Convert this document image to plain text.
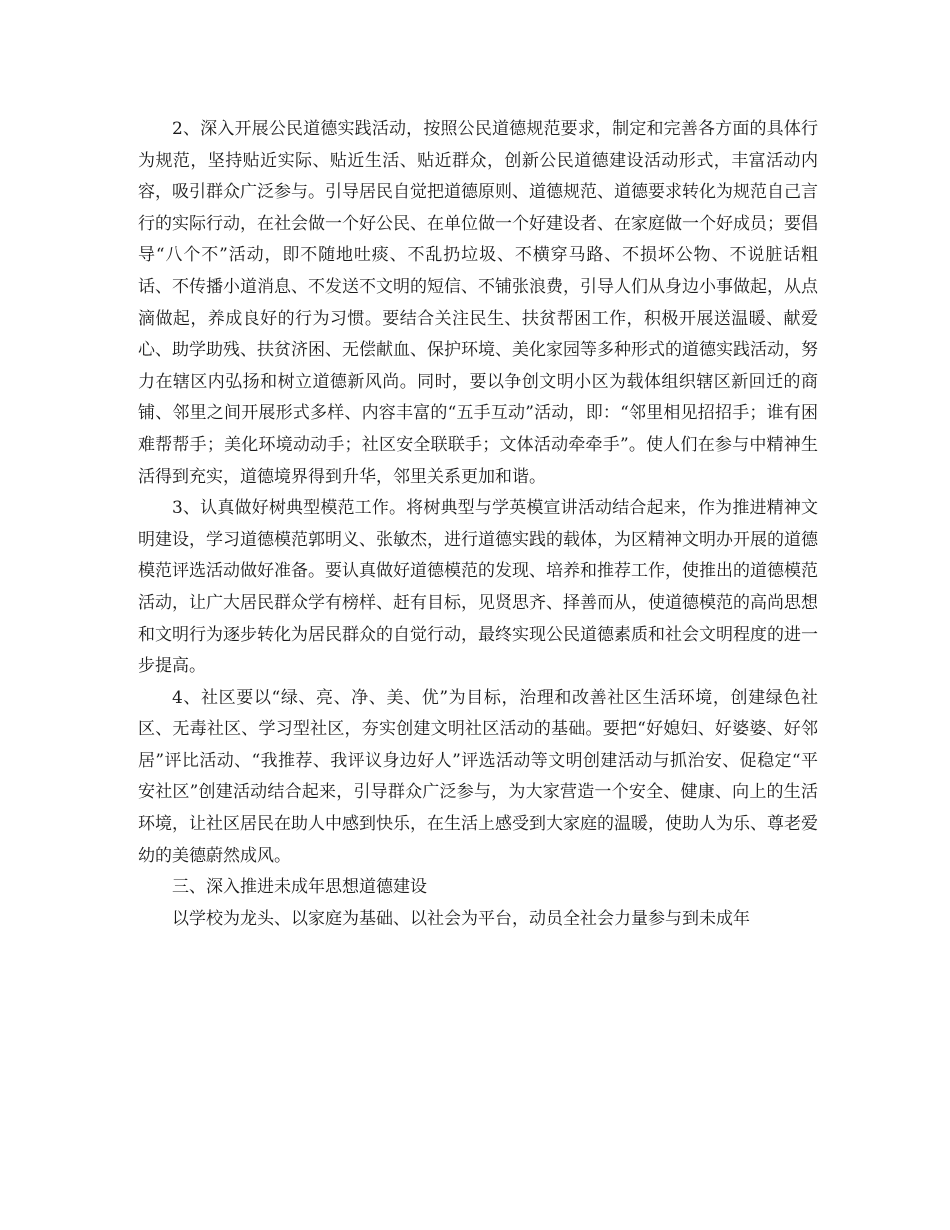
2、深入开展公民道德实践活动，按照公民道德规范要求，制定和完善各方面的具体行为规范，坚持贴近实际、贴近生活、贴近群众，创新公民道德建设活动形式，丰富活动内容，吸引群众广泛参与。引导居民自觉把道德原则、道德规范、道德要求转化为规范自己言行的实际行动，在社会做一个好公民、在单位做一个好建设者、在家庭做一个好成员；要倡导“八个不”活动，即不随地吐痰、不乱扔垃圾、不横穿马路、不损坏公物、不说脏话粗话、不传播小道消息、不发送不文明的短信、不铺张浪费，引导人们从身边小事做起，从点滴做起，养成良好的行为习惯。要结合关注民生、扶贫帮困工作，积极开展送温暖、献爱心、助学助残、扶贫济困、无偿献血、保护环境、美化家园等多种形式的道德实践活动，努力在辖区内弘扬和树立道德新风尚。同时，要以争创文明小区为载体组织辖区新回迁的商铺、邻里之间开展形式多样、内容丰富的“五手互动”活动，即：“邻里相见招招手；谁有困难帮帮手；美化环境动动手；社区安全联联手；文体活动牵牵手”。使人们在参与中精神生活得到充实，道德境界得到升华，邻里关系更加和谐。

3、认真做好树典型模范工作。将树典型与学英模宣讲活动结合起来，作为推进精神文明建设，学习道德模范郭明义、张敏杰，进行道德实践的载体，为区精神文明办开展的道德模范评选活动做好准备。要认真做好道德模范的发现、培养和推荐工作，使推出的道德模范活动，让广大居民群众学有榜样、赶有目标，见贤思齐、择善而从，使道德模范的高尚思想和文明行为逐步转化为居民群众的自觉行动，最终实现公民道德素质和社会文明程度的进一步提高。

4、社区要以“绿、亮、净、美、优”为目标，治理和改善社区生活环境，创建绿色社区、无毒社区、学习型社区，夯实创建文明社区活动的基础。要把“好媳妇、好婆婆、好邻居”评比活动、“我推荐、我评议身边好人”评选活动等文明创建活动与抓治安、促稳定“平安社区”创建活动结合起来，引导群众广泛参与，为大家营造一个安全、健康、向上的生活环境，让社区居民在助人中感到快乐，在生活上感受到大家庭的温暖，使助人为乐、尊老爱幼的美德蔚然成风。

三、深入推进未成年思想道德建设

以学校为龙头、以家庭为基础、以社会为平台，动员全社会力量参与到未成年
